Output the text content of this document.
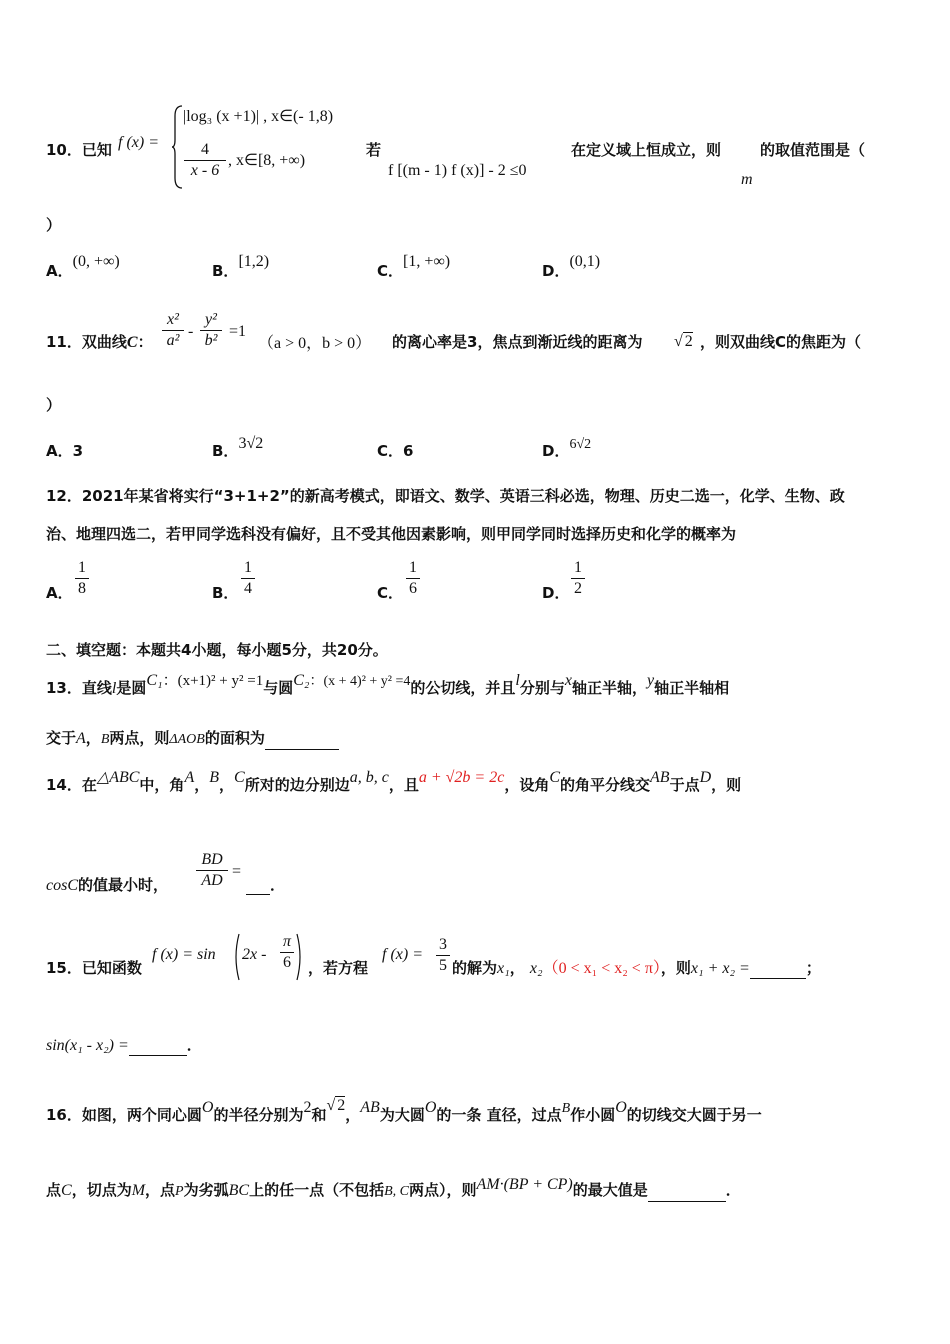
10．已知 f (x) =
|log₃ (x +1)| , x∈(- 1,8)
$\frac{4}{x - 6}$ , x∈[8, +∞)
若
f [(m - 1) f (x)] - 2 ≤0
在定义域上恒成立，则	的取值范围是（
m
）
A．(0, +∞)
B．[1,2)
C．[1, +∞)
D．(0,1)
11．双曲线C： $\frac{\text{x²}}{\text{a²}} - \frac{\text{y²}}{\text{b²}} =1$
（a > 0，b > 0） 的离心率是3，焦点到渐近线的距离为 √ 2 ，则双曲线C的焦距为（
）
A．3	B．3√2	C．6	D．6√2
12．2021年某省将实行“3+1+2”的新高考模式，即语文、数学、英语三科必选，物理、历史二选一，化学、生物、政
治、地理四选二，若甲同学选科没有偏好，且不受其他因素影响，则甲同学同时选择历史和化学的概率为
A． $\frac{1}{8}$	B． $\frac{1}{4}$	C． $\frac{1}{6}$	D． $\frac{1}{2}$
二、填空题：本题共4小题，每小题5分，共20分。
13．直线l是圆C₁：(x+1)² + y² =1与圆C₂：(x + 4)² + y² =4的公切线，并且l分别与x轴正半轴，y轴正半轴相
交于A，B两点，则ΔAOB的面积为
14．在△ABC中，角A，B，C所对的边分别边a, b, c，且a + √2b = 2c，设角C的角平分线交AB于点D，则
cosC的值最小时， $\frac{BD}{AD}$ =
．
15．已知函数
f $(x) = \sin 2x - \frac{\pi}{6}$ ，若方程
f $(x) = \frac{3}{5}$ 的解为x₁， x₂（0 < x₁ < x₂ < π），则x₁ + x₂ =	；
sin(x₁ - x₂) =	．
16．如图，两个同心圆O的半径分别为2和√ 2，AB为大圆O的一条 直径，过点B作小圆O的切线交大圆于另一
点C，切点为M，点P为劣弧BC上的任一点（不包括B, C两点），则AM·(BP + CP)的最大值是	．
